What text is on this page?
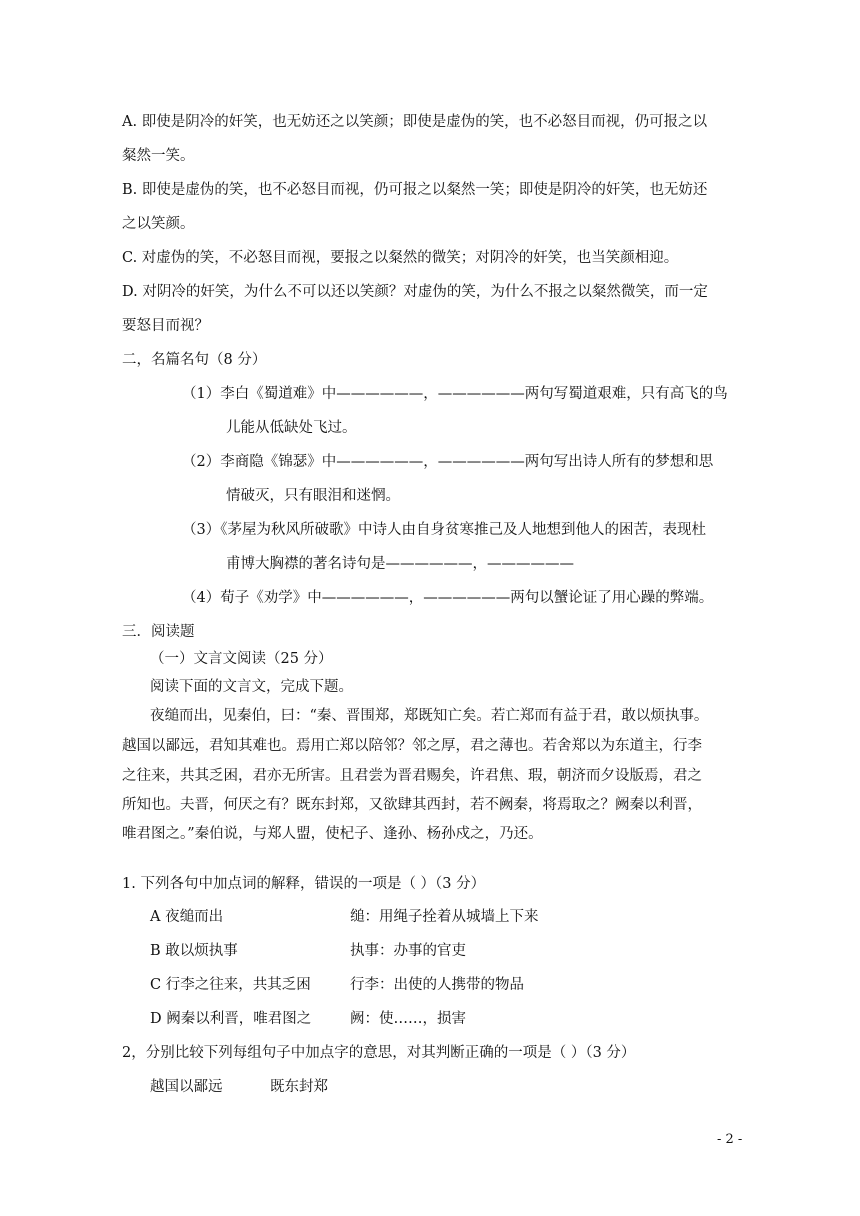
A. 即使是阴冷的奸笑，也无妨还之以笑颜；即使是虚伪的笑，也不必怒目而视，仍可报之以
粲然一笑。
B. 即使是虚伪的笑，也不必怒目而视，仍可报之以粲然一笑；即使是阴冷的奸笑，也无妨还
之以笑颜。
C. 对虚伪的笑，不必怒目而视，要报之以粲然的微笑；对阴冷的奸笑，也当笑颜相迎。
D. 对阴冷的奸笑，为什么不可以还以笑颜？对虚伪的笑，为什么不报之以粲然微笑，而一定
要怒目而视？
二，名篇名句（8 分）
（1）李白《蜀道难》中——————，——————两句写蜀道艰难，只有高飞的鸟
儿能从低缺处飞过。
（2）李商隐《锦瑟》中——————，——————两句写出诗人所有的梦想和思
情破灭，只有眼泪和迷惘。
（3）《茅屋为秋风所破歌》中诗人由自身贫寒推己及人地想到他人的困苦，表现杜
甫博大胸襟的著名诗句是——————，——————
（4）荀子《劝学》中——————，——————两句以蟹论证了用心躁的弊端。
三．阅读题
（一）文言文阅读（25 分）
阅读下面的文言文，完成下题。
夜缒而出，见秦伯，曰：“秦、晋围郑，郑既知亡矣。若亡郑而有益于君，敢以烦执事。
越国以鄙远，君知其难也。焉用亡郑以陪邻？邻之厚，君之薄也。若舍郑以为东道主，行李
之往来，共其乏困，君亦无所害。且君尝为晋君赐矣，许君焦、瑕，朝济而夕设版焉，君之
所知也。夫晋，何厌之有？既东封郑，又欲肆其西封，若不阙秦，将焉取之？阙秦以利晋，
唯君图之。”秦伯说，与郑人盟，使杞子、逢孙、杨孙戍之，乃还。
1. 下列各句中加点词的解释，错误的一项是（ ）（3 分）
A 夜缒而出	缒：用绳子拴着从城墙上下来
B 敢以烦执事	执事：办事的官吏
C 行李之往来，共其乏困	行李：出使的人携带的物品
D 阙秦以利晋，唯君图之	阙：使……，损害
2，分别比较下列每组句子中加点字的意思，对其判断正确的一项是（ ）（3 分）
越国以鄙远	既东封郑
- 2 -
